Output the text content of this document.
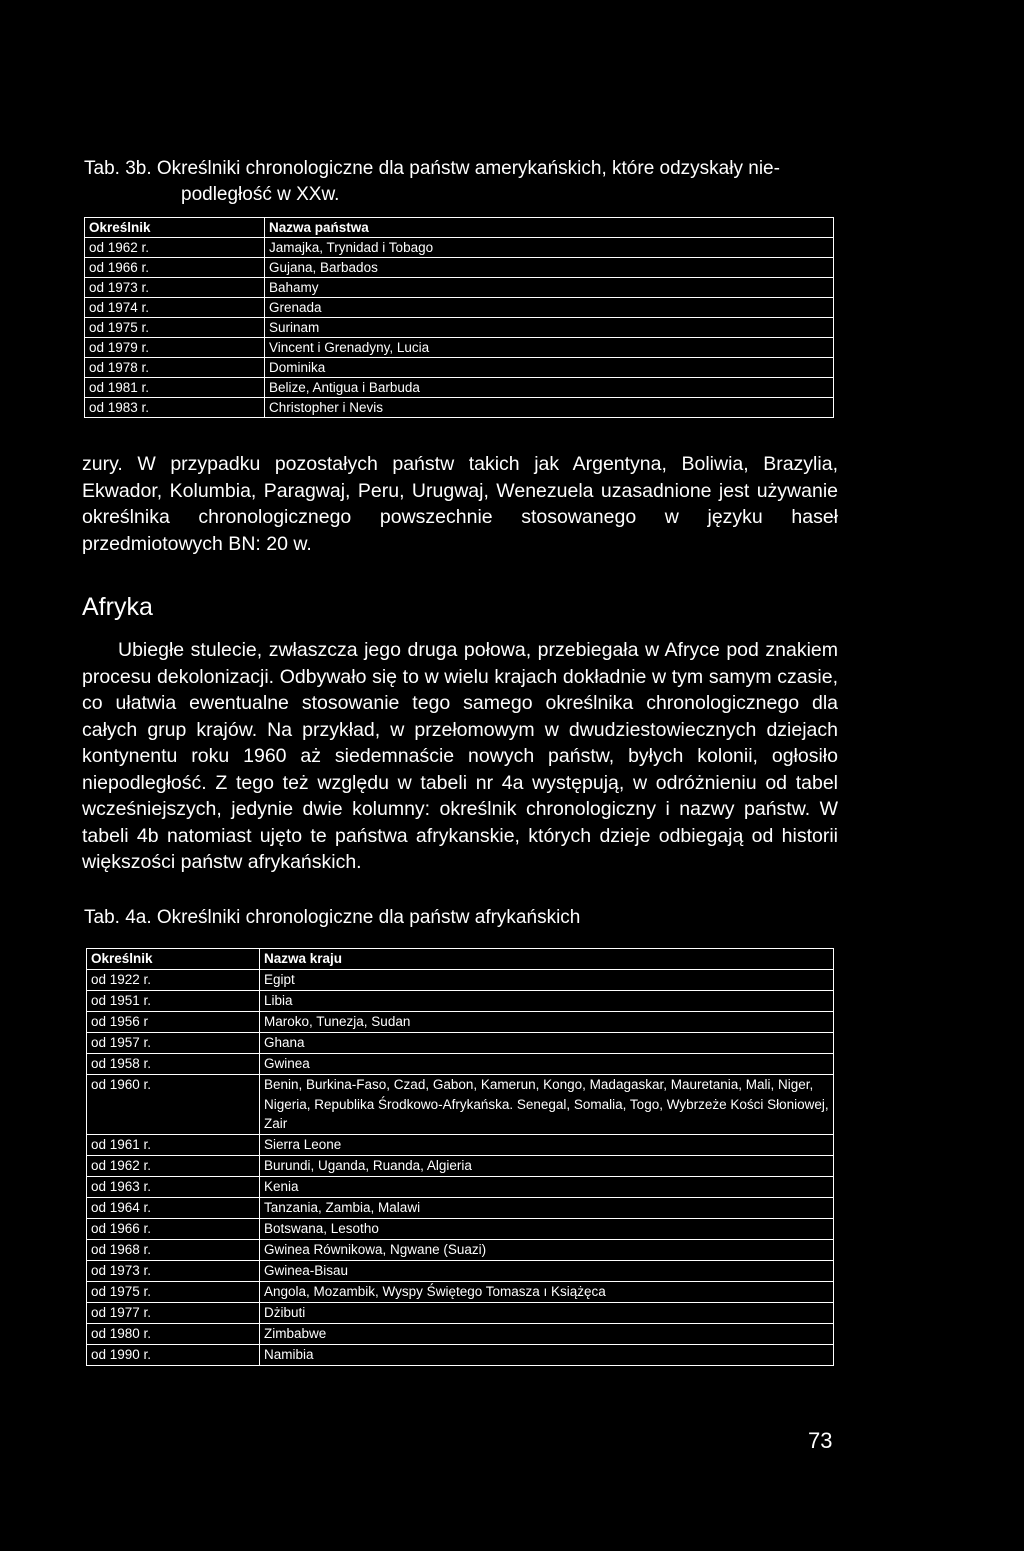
Tab. 3b. Określniki chronologiczne dla państw amerykańskich, które odzyskały nie-
podległość w XXw.
Określnik	Nazwa państwa
od 1962 r.	Jamajka, Trynidad i Tobago
od 1966 r.	Gujana, Barbados
od 1973 r.	Bahamy
od 1974 r.	Grenada
od 1975 r.	Surinam
od 1979 r.	Vincent i Grenadyny, Lucia
od 1978 r.	Dominika
od 1981 r.	Belize, Antigua i Barbuda
od 1983 r.	Christopher i Nevis

zury. W przypadku pozostałych państw takich jak Argentyna, Boliwia, Brazylia, Ekwador, Kolumbia, Paragwaj, Peru, Urugwaj, Wenezuela uzasadnione jest używanie określnika chronologicznego powszechnie stosowanego w języku haseł przedmiotowych BN: 20 w.

Afryka

Ubiegłe stulecie, zwłaszcza jego druga połowa, przebiegała w Afryce pod znakiem procesu dekolonizacji. Odbywało się to w wielu krajach dokładnie w tym samym czasie, co ułatwia ewentualne stosowanie tego samego określnika chronologicznego dla całych grup krajów. Na przykład, w przełomowym w dwudziestowiecznych dziejach kontynentu roku 1960 aż siedemnaście nowych państw, byłych kolonii, ogłosiło niepodległość. Z tego też względu w tabeli nr 4a występują, w odróżnieniu od tabel wcześniejszych, jedynie dwie kolumny: określnik chronologiczny i nazwy państw. W tabeli 4b natomiast ujęto te państwa afrykanskie, których dzieje odbiegają od historii większości państw afrykańskich.

Tab. 4a. Określniki chronologiczne dla państw afrykańskich
Określnik	Nazwa kraju
od 1922 r.	Egipt
od 1951 r.	Libia
od 1956 r	Maroko, Tunezja, Sudan
od 1957 r.	Ghana
od 1958 r.	Gwinea
od 1960 r.	Benin, Burkina-Faso, Czad, Gabon, Kamerun, Kongo, Madagaskar, Mauretania, Mali, Niger, Nigeria, Republika Środkowo-Afrykańska. Senegal, Somalia, Togo, Wybrzeże Kości Słoniowej, Zair
od 1961 r.	Sierra Leone
od 1962 r.	Burundi, Uganda, Ruanda, Algieria
od 1963 r.	Kenia
od 1964 r.	Tanzania, Zambia, Malawi
od 1966 r.	Botswana, Lesotho
od 1968 r.	Gwinea Równikowa, Ngwane (Suazi)
od 1973 r.	Gwinea-Bisau
od 1975 r.	Angola, Mozambik, Wyspy Świętego Tomasza ı Książęca
od 1977 r.	Dżibuti
od 1980 r.	Zimbabwe
od 1990 r.	Namibia
73
